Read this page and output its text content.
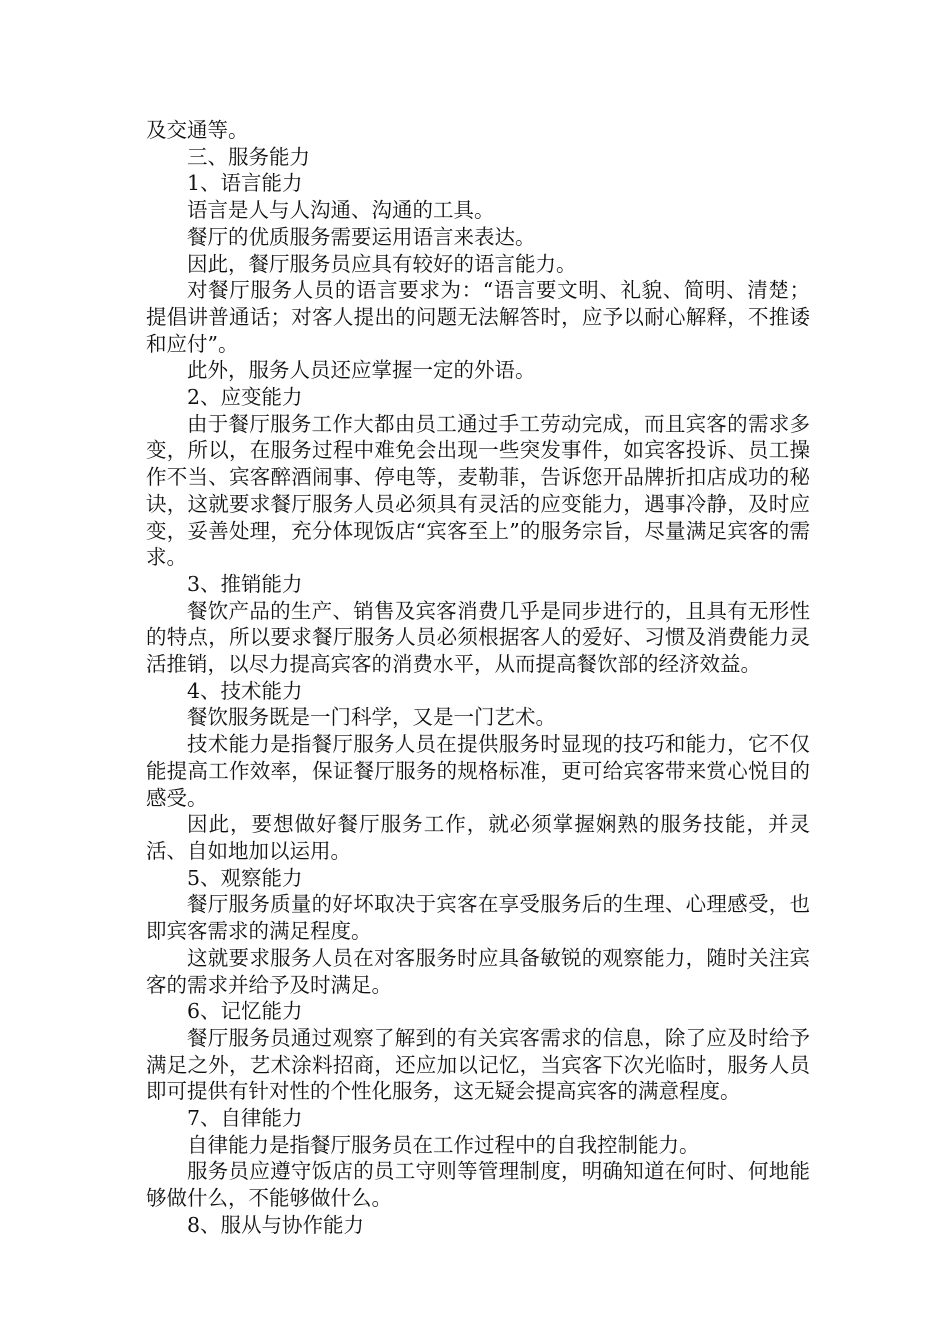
及交通等。

三、服务能力

1、语言能力

语言是人与人沟通、沟通的工具。

餐厅的优质服务需要运用语言来表达。

因此，餐厅服务员应具有较好的语言能力。

对餐厅服务人员的语言要求为：“语言要文明、礼貌、简明、清楚；提倡讲普通话；对客人提出的问题无法解答时，应予以耐心解释，不推诿和应付”。

此外，服务人员还应掌握一定的外语。

2、应变能力

由于餐厅服务工作大都由员工通过手工劳动完成，而且宾客的需求多变，所以，在服务过程中难免会出现一些突发事件，如宾客投诉、员工操作不当、宾客醉酒闹事、停电等，麦勒菲，告诉您开品牌折扣店成功的秘诀，这就要求餐厅服务人员必须具有灵活的应变能力，遇事冷静，及时应变，妥善处理，充分体现饭店“宾客至上”的服务宗旨，尽量满足宾客的需求。

3、推销能力

餐饮产品的生产、销售及宾客消费几乎是同步进行的，且具有无形性的特点，所以要求餐厅服务人员必须根据客人的爱好、习惯及消费能力灵活推销，以尽力提高宾客的消费水平，从而提高餐饮部的经济效益。

4、技术能力

餐饮服务既是一门科学，又是一门艺术。

技术能力是指餐厅服务人员在提供服务时显现的技巧和能力，它不仅能提高工作效率，保证餐厅服务的规格标准，更可给宾客带来赏心悦目的感受。

因此，要想做好餐厅服务工作，就必须掌握娴熟的服务技能，并灵活、自如地加以运用。

5、观察能力

餐厅服务质量的好坏取决于宾客在享受服务后的生理、心理感受，也即宾客需求的满足程度。

这就要求服务人员在对客服务时应具备敏锐的观察能力，随时关注宾客的需求并给予及时满足。

6、记忆能力

餐厅服务员通过观察了解到的有关宾客需求的信息，除了应及时给予满足之外，艺术涂料招商，还应加以记忆，当宾客下次光临时，服务人员即可提供有针对性的个性化服务，这无疑会提高宾客的满意程度。

7、自律能力

自律能力是指餐厅服务员在工作过程中的自我控制能力。

服务员应遵守饭店的员工守则等管理制度，明确知道在何时、何地能够做什么，不能够做什么。

8、服从与协作能力
